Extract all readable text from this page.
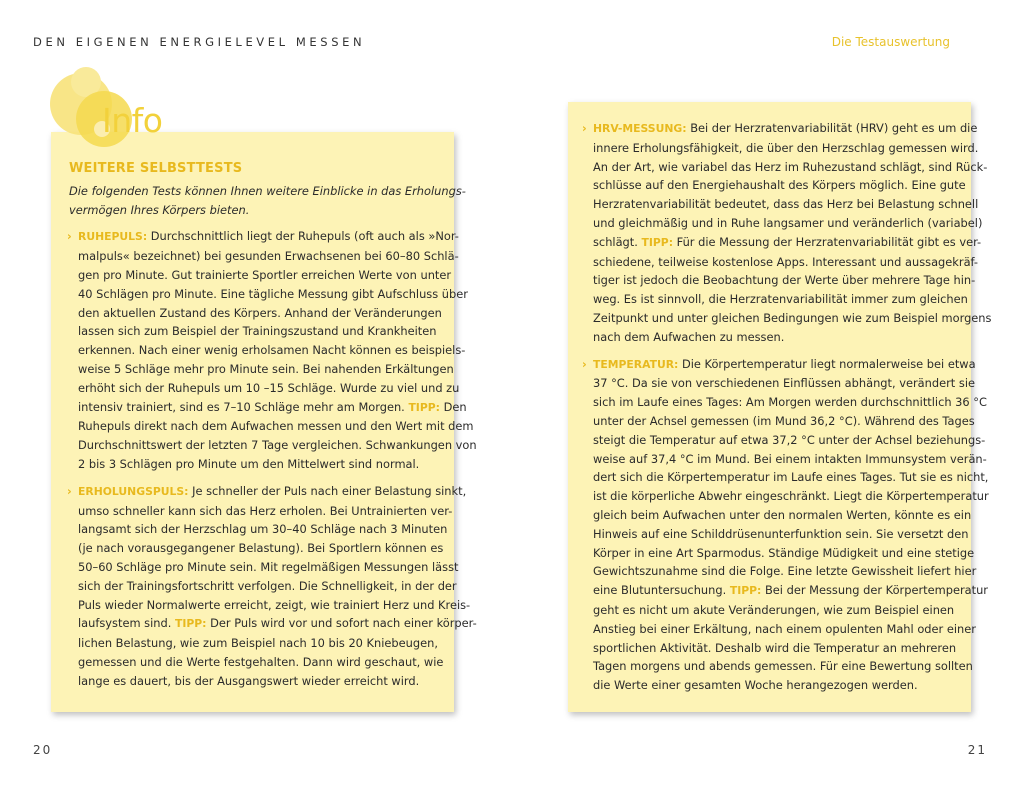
DEN EIGENEN ENERGIELEVEL MESSEN	Die Testauswertung
Info
WEITERE SELBSTTESTS
Die folgenden Tests können Ihnen weitere Einblicke in das Erholungs-
vermögen Ihres Körpers bieten.
› RUHEPULS: Durchschnittlich liegt der Ruhepuls (oft auch als »Nor-
malpuls« bezeichnet) bei gesunden Erwachsenen bei 60–80 Schlä-
gen pro Minute. Gut trainierte Sportler erreichen Werte von unter
40 Schlägen pro Minute. Eine tägliche Messung gibt Aufschluss über
den aktuellen Zustand des Körpers. Anhand der Veränderungen
lassen sich zum Beispiel der Trainingszustand und Krankheiten
erkennen. Nach einer wenig erholsamen Nacht können es beispiels-
weise 5 Schläge mehr pro Minute sein. Bei nahenden Erkältungen
erhöht sich der Ruhepuls um 10 –15 Schläge. Wurde zu viel und zu
intensiv trainiert, sind es 7–10 Schläge mehr am Morgen. TIPP: Den
Ruhepuls direkt nach dem Aufwachen messen und den Wert mit dem
Durchschnittswert der letzten 7 Tage vergleichen. Schwankungen von
2 bis 3 Schlägen pro Minute um den Mittelwert sind normal.
› ERHOLUNGSPULS: Je schneller der Puls nach einer Belastung sinkt,
umso schneller kann sich das Herz erholen. Bei Untrainierten ver-
langsamt sich der Herzschlag um 30–40 Schläge nach 3 Minuten
(je nach vorausgegangener Belastung). Bei Sportlern können es
50–60 Schläge pro Minute sein. Mit regelmäßigen Messungen lässt
sich der Trainingsfortschritt verfolgen. Die Schnelligkeit, in der der
Puls wieder Normalwerte erreicht, zeigt, wie trainiert Herz und Kreis-
laufsystem sind. TIPP: Der Puls wird vor und sofort nach einer körper-
lichen Belastung, wie zum Beispiel nach 10 bis 20 Kniebeugen,
gemessen und die Werte festgehalten. Dann wird geschaut, wie
lange es dauert, bis der Ausgangswert wieder erreicht wird.
› HRV-MESSUNG: Bei der Herzratenvariabilität (HRV) geht es um die
innere Erholungsfähigkeit, die über den Herzschlag gemessen wird.
An der Art, wie variabel das Herz im Ruhezustand schlägt, sind Rück-
schlüsse auf den Energiehaushalt des Körpers möglich. Eine gute
Herzratenvariabilität bedeutet, dass das Herz bei Belastung schnell
und gleichmäßig und in Ruhe langsamer und veränderlich (variabel)
schlägt. TIPP: Für die Messung der Herzratenvariabilität gibt es ver-
schiedene, teilweise kostenlose Apps. Interessant und aussagekräf-
tiger ist jedoch die Beobachtung der Werte über mehrere Tage hin-
weg. Es ist sinnvoll, die Herzratenvariabilität immer zum gleichen
Zeitpunkt und unter gleichen Bedingungen wie zum Beispiel morgens
nach dem Aufwachen zu messen.
› TEMPERATUR: Die Körpertemperatur liegt normalerweise bei etwa
37 °C. Da sie von verschiedenen Einflüssen abhängt, verändert sie
sich im Laufe eines Tages: Am Morgen werden durchschnittlich 36 °C
unter der Achsel gemessen (im Mund 36,2 °C). Während des Tages
steigt die Temperatur auf etwa 37,2 °C unter der Achsel beziehungs-
weise auf 37,4 °C im Mund. Bei einem intakten Immunsystem verän-
dert sich die Körpertemperatur im Laufe eines Tages. Tut sie es nicht,
ist die körperliche Abwehr eingeschränkt. Liegt die Körpertemperatur
gleich beim Aufwachen unter den normalen Werten, könnte es ein
Hinweis auf eine Schilddrüsenunterfunktion sein. Sie versetzt den
Körper in eine Art Sparmodus. Ständige Müdigkeit und eine stetige
Gewichtszunahme sind die Folge. Eine letzte Gewissheit liefert hier
eine Blutuntersuchung. TIPP: Bei der Messung der Körpertemperatur
geht es nicht um akute Veränderungen, wie zum Beispiel einen
Anstieg bei einer Erkältung, nach einem opulenten Mahl oder einer
sportlichen Aktivität. Deshalb wird die Temperatur an mehreren
Tagen morgens und abends gemessen. Für eine Bewertung sollten
die Werte einer gesamten Woche herangezogen werden.
20	21
